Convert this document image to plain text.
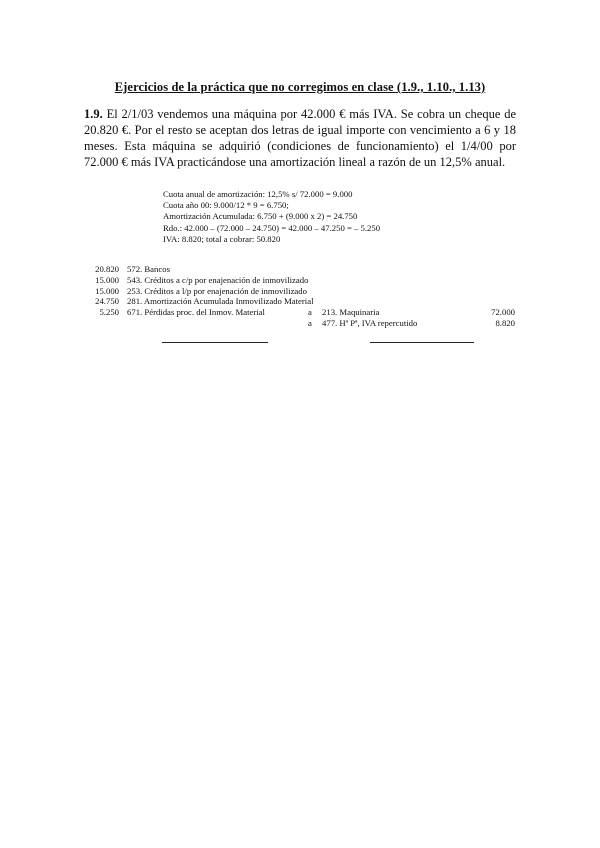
Ejercicios de la práctica que no corregimos en clase (1.9., 1.10., 1.13)
1.9. El 2/1/03 vendemos una máquina por 42.000 € más IVA. Se cobra un cheque de 20.820 €. Por el resto se aceptan dos letras de igual importe con vencimiento a 6 y 18 meses. Esta máquina se adquirió (condiciones de funcionamiento) el 1/4/00 por 72.000 € más IVA practicándose una amortización lineal a razón de un 12,5% anual.
Cuota anual de amortización: 12,5% s/ 72.000 = 9.000
Cuota año 00: 9.000/12 * 9 = 6.750;
Amortización Acumulada: 6.750 + (9.000 x 2) = 24.750
Rdo.: 42.000 – (72.000 – 24.750) = 42.000 – 47.250 = – 5.250
IVA: 8.820; total a cobrar: 50.820
20.820 572. Bancos
15.000 543. Créditos a c/p por enajenación de inmovilizado
15.000 253. Créditos a l/p por enajenación de inmovilizado
24.750 281. Amortización Acumulada Inmovilizado Material
5.250 671. Pérdidas proc. del Inmov. Material	a 213. Maquinaria	72.000
a 477. Hª Pª, IVA repercutido	8.820
